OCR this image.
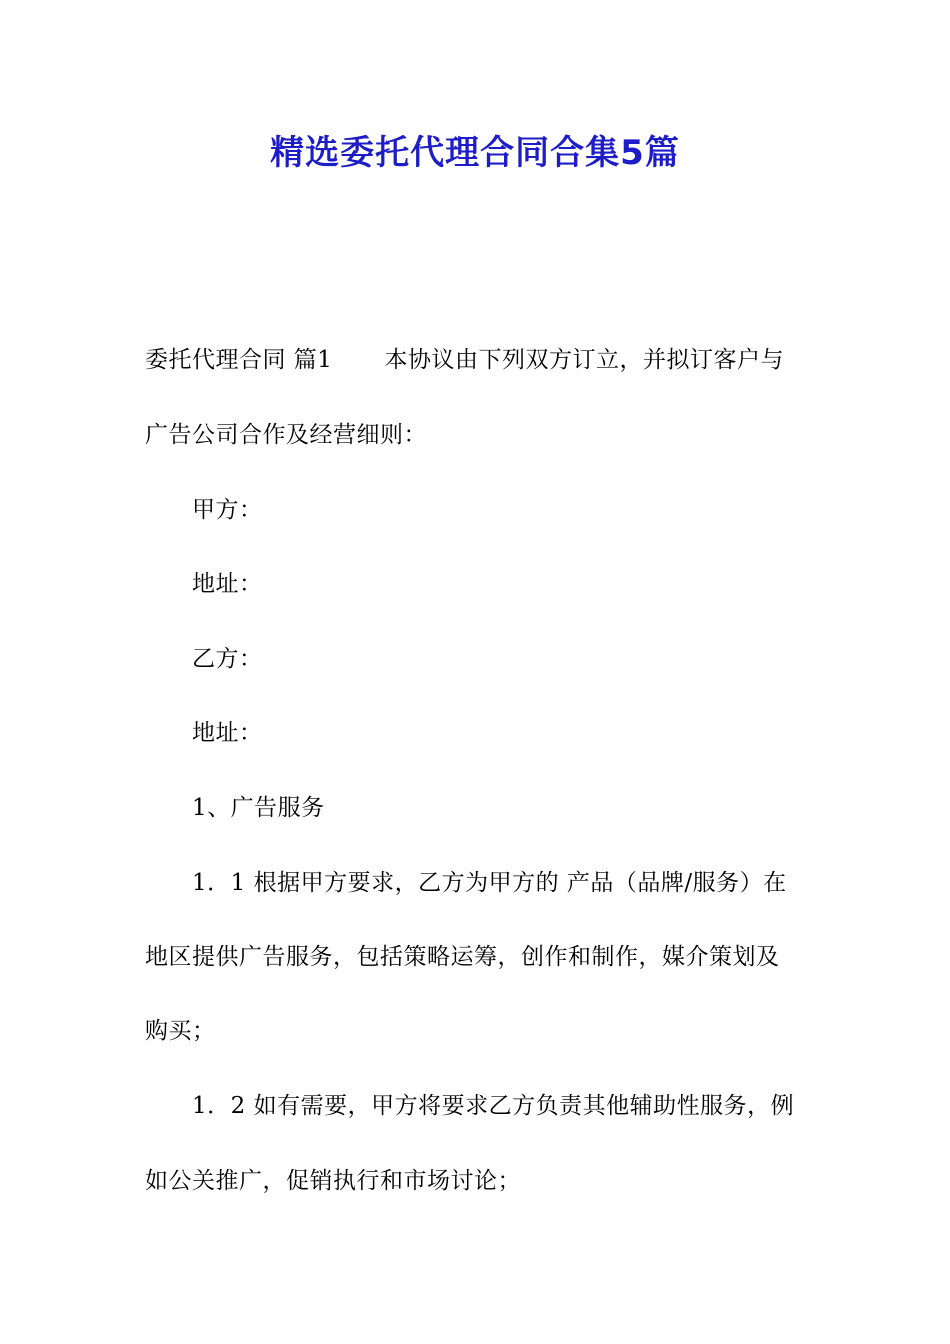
精选委托代理合同合集5篇
委托代理合同 篇1 本协议由下列双方订立，并拟订客户与
广告公司合作及经营细则：
甲方：
地址：
乙方：
地址：
1、广告服务
1．1 根据甲方要求，乙方为甲方的 产品（品牌/服务）在
地区提供广告服务，包括策略运筹，创作和制作，媒介策划及
购买；
1．2 如有需要，甲方将要求乙方负责其他辅助性服务，例
如公关推广，促销执行和市场讨论；
